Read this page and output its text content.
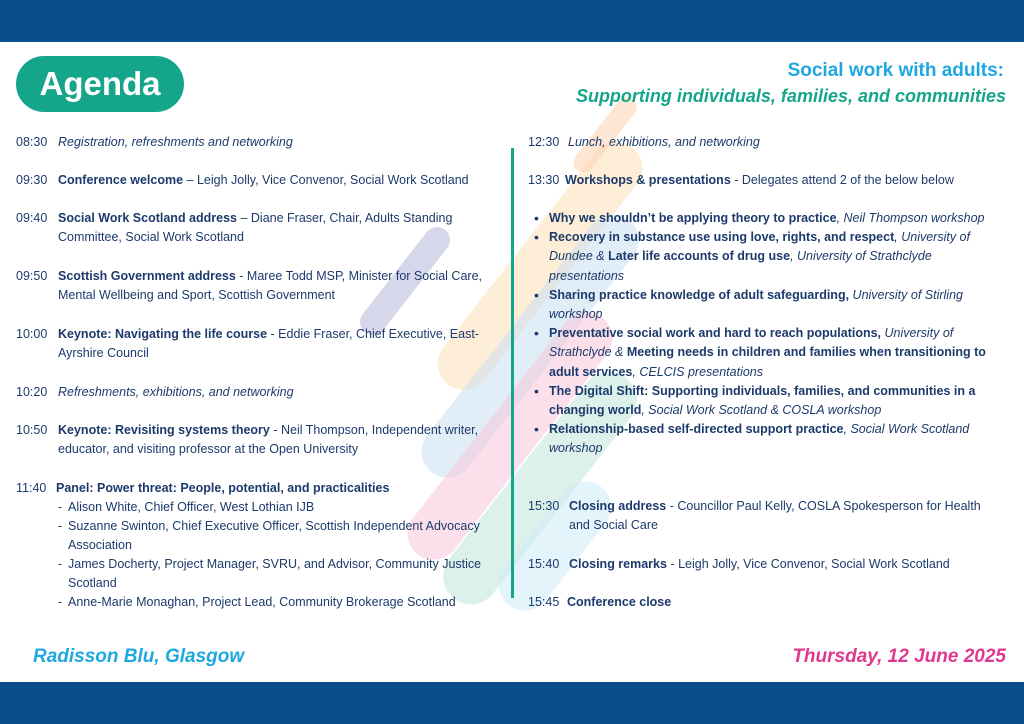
Agenda	Social work with adults:
Supporting individuals, families, and communities
08:30 Registration, refreshments and networking
09:30 Conference welcome – Leigh Jolly, Vice Convenor, Social Work Scotland
09:40 Social Work Scotland address – Diane Fraser, Chair, Adults Standing Committee, Social Work Scotland
09:50 Scottish Government address - Maree Todd MSP, Minister for Social Care, Mental Wellbeing and Sport, Scottish Government
10:00 Keynote: Navigating the life course - Eddie Fraser, Chief Executive, East-Ayrshire Council
10:20 Refreshments, exhibitions, and networking
10:50 Keynote: Revisiting systems theory - Neil Thompson, Independent writer, educator, and visiting professor at the Open University
11:40 Panel: Power threat: People, potential, and practicalities
- Alison White, Chief Officer, West Lothian IJB
- Suzanne Swinton, Chief Executive Officer, Scottish Independent Advocacy Association
- James Docherty, Project Manager, SVRU, and Advisor, Community Justice Scotland
- Anne-Marie Monaghan, Project Lead, Community Brokerage Scotland
12:30 Lunch, exhibitions, and networking
13:30 Workshops & presentations - Delegates attend 2 of the below below
• Why we shouldn’t be applying theory to practice, Neil Thompson workshop
• Recovery in substance use using love, rights, and respect, University of Dundee & Later life accounts of drug use, University of Strathclyde presentations
• Sharing practice knowledge of adult safeguarding, University of Stirling workshop
• Preventative social work and hard to reach populations, University of Strathclyde & Meeting needs in children and families when transitioning to adult services, CELCIS presentations
• The Digital Shift: Supporting individuals, families, and communities in a changing world, Social Work Scotland & COSLA workshop
• Relationship-based self-directed support practice, Social Work Scotland workshop
15:30 Closing address - Councillor Paul Kelly, COSLA Spokesperson for Health and Social Care
15:40 Closing remarks - Leigh Jolly, Vice Convenor, Social Work Scotland
15:45 Conference close
Radisson Blu, Glasgow	Thursday, 12 June 2025
